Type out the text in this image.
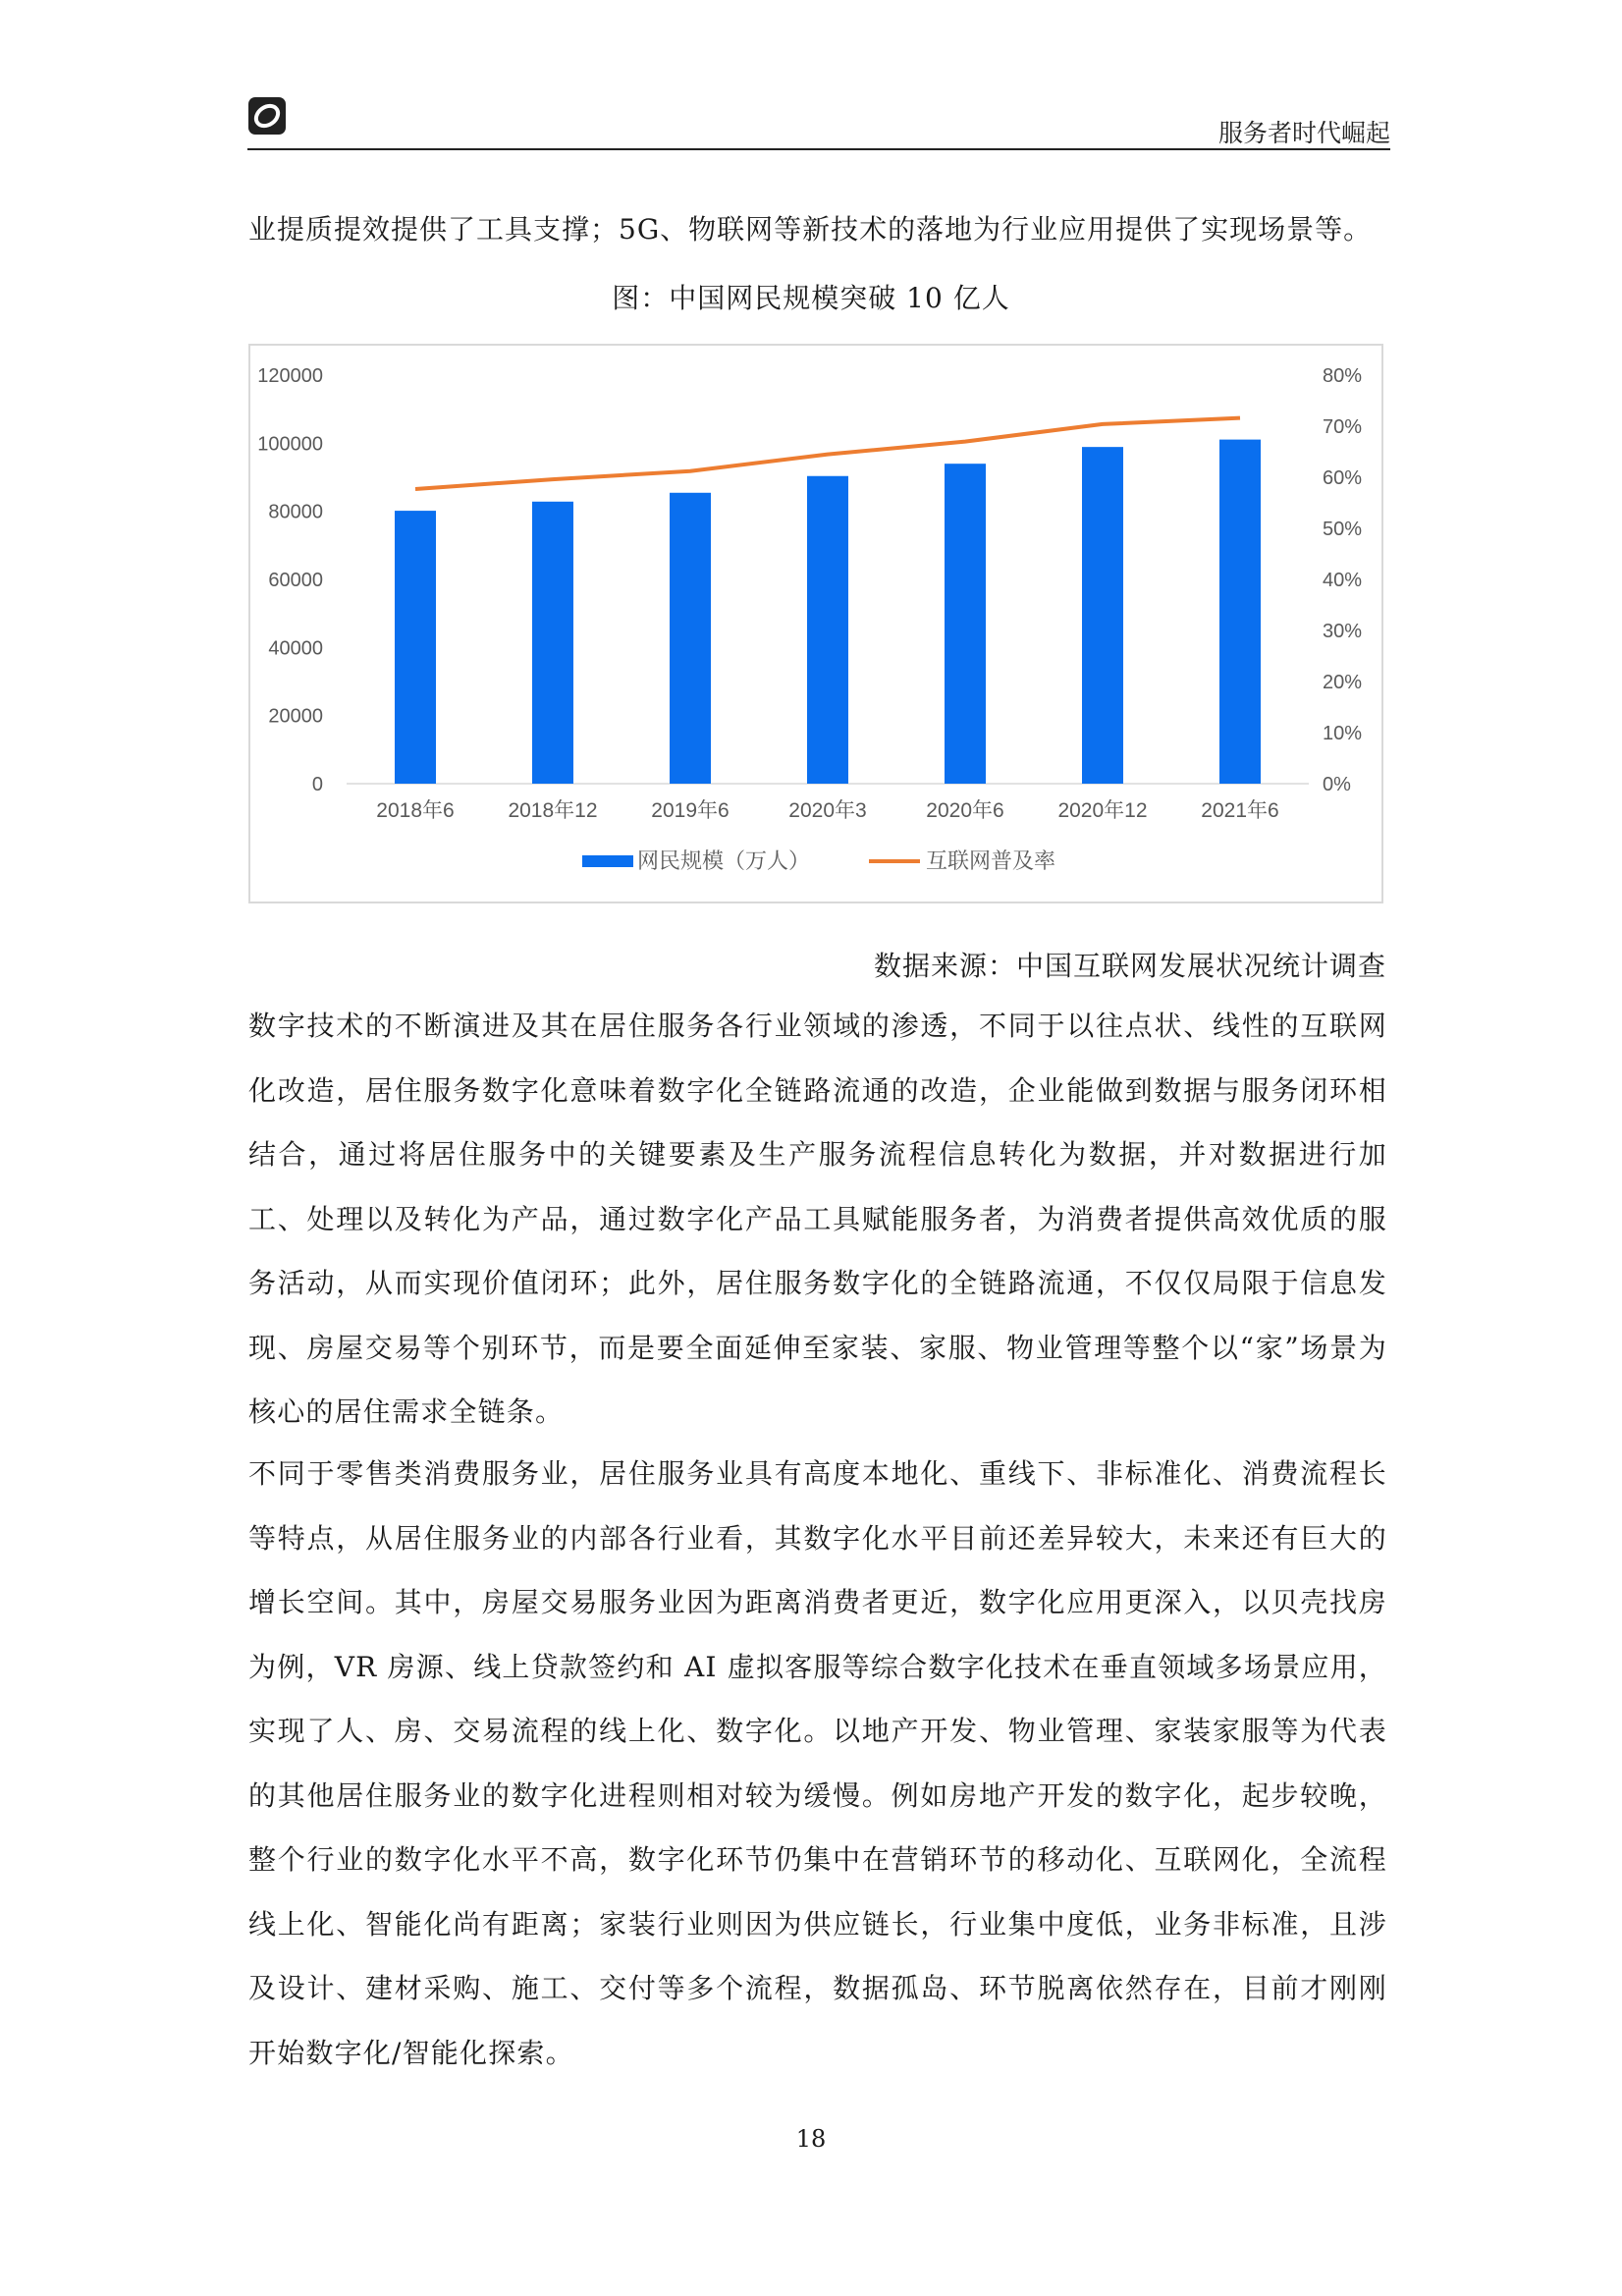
服务者时代崛起
业提质提效提供了工具支撑；5G、物联网等新技术的落地为行业应用提供了实现场景等。
图：中国网民规模突破 10 亿人
0
20000
40000
60000
80000
100000
120000
0%
10%
20%
30%
40%
50%
60%
70%
80%
2018年6	2018年12	2019年6	2020年3	2020年6	2020年12	2021年6
网民规模（万人）	互联网普及率
数据来源：中国互联网发展状况统计调查

数字技术的不断演进及其在居住服务各行业领域的渗透，不同于以往点状、线性的互联网化改造，居住服务数字化意味着数字化全链路流通的改造，企业能做到数据与服务闭环相结合，通过将居住服务中的关键要素及生产服务流程信息转化为数据，并对数据进行加工、处理以及转化为产品，通过数字化产品工具赋能服务者，为消费者提供高效优质的服务活动，从而实现价值闭环；此外，居住服务数字化的全链路流通，不仅仅局限于信息发现、房屋交易等个别环节，而是要全面延伸至家装、家服、物业管理等整个以“家”场景为核心的居住需求全链条。

不同于零售类消费服务业，居住服务业具有高度本地化、重线下、非标准化、消费流程长等特点，从居住服务业的内部各行业看，其数字化水平目前还差异较大，未来还有巨大的增长空间。其中，房屋交易服务业因为距离消费者更近，数字化应用更深入，以贝壳找房为例，VR 房源、线上贷款签约和 AI 虚拟客服等综合数字化技术在垂直领域多场景应用，实现了人、房、交易流程的线上化、数字化。以地产开发、物业管理、家装家服等为代表的其他居住服务业的数字化进程则相对较为缓慢。例如房地产开发的数字化，起步较晚，整个行业的数字化水平不高，数字化环节仍集中在营销环节的移动化、互联网化，全流程线上化、智能化尚有距离；家装行业则因为供应链长，行业集中度低，业务非标准，且涉及设计、建材采购、施工、交付等多个流程，数据孤岛、环节脱离依然存在，目前才刚刚开始数字化/智能化探索。

18
